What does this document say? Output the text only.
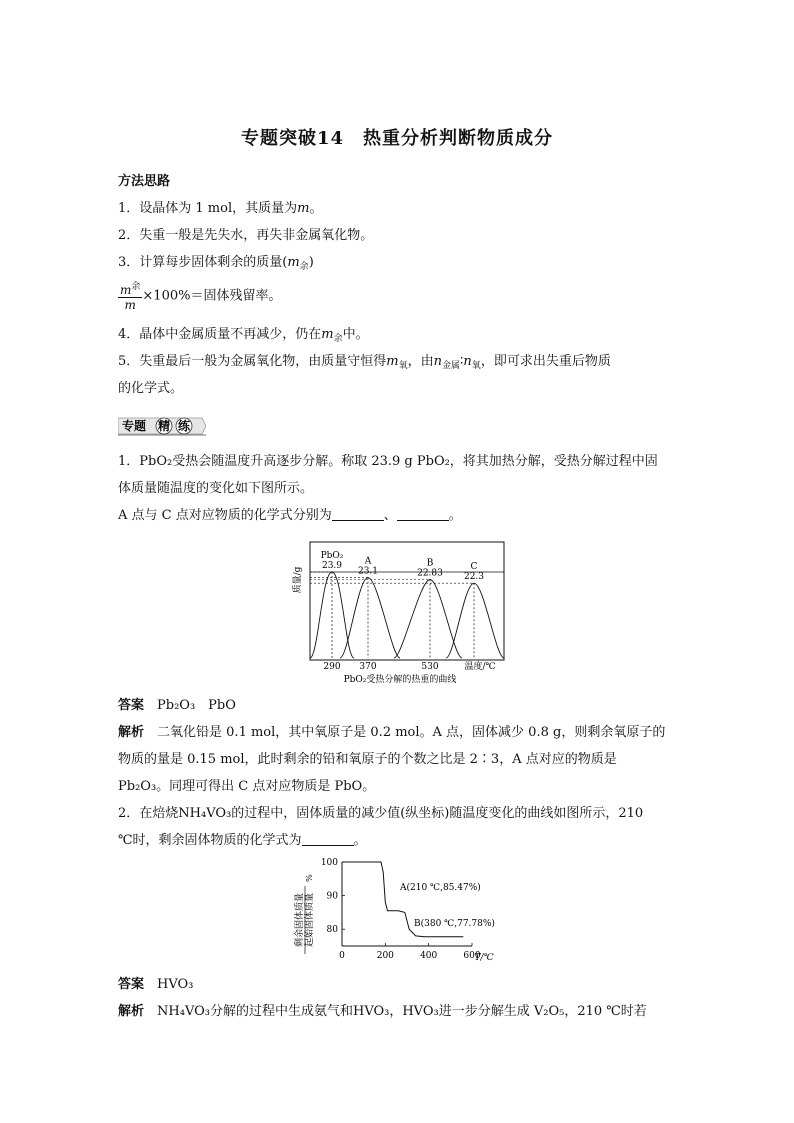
专题突破14　热重分析判断物质成分
方法思路
1．设晶体为 1 mol，其质量为m。
2．失重一般是先失水，再失非金属氧化物。
3．计算每步固体剩余的质量$(m_余)$
$\frac{m^余}{m} \times 100\%=$固体残留率。
4．晶体中金属质量不再减少，仍在$m_余$中。
5．失重最后一般为金属氧化物，由质量守恒得$m_氧$，由$n_{金属}∶n_氧$，即可求出失重后物质
的化学式。
专题 精 练
1．PbO₂受热会随温度升高逐步分解。称取 23.9 g PbO₂，将其加热分解，受热分解过程中固
体质量随温度的变化如下图所示。
A 点与 C 点对应物质的化学式分别为	、	。
质量/g
PbO₂
23.9	A
23.1
B
22.83
C
22.3
290 370	530	温度/℃
PbO₂受热分解的热重的曲线
答案　 Pb₂O₃　PbO
解析　 二氧化铅是 0.1 mol，其中氧原子是 0.2 mol。A 点，固体减少 0.8 g，则剩余氧原子的
物质的量是 0.15 mol，此时剩余的铅和氧原子的个数之比是 2∶3，A 点对应的物质是
Pb₂O₃。同理可得出 C 点对应物质是 PbO。
2．在焙烧NH₄VO₃的过程中，固体质量的减少值(纵坐标)随温度变化的曲线如图所示，210
℃时，剩余固体物质的化学式为	。
剩余固体质量 起始固体质量
%
0	200	400	600
80
90
100
A(210 ℃,85.47%)
B(380 ℃,77.78%)
T/℃
答案　 HVO₃
解析　 NH₄VO₃分解的过程中生成氨气和HVO₃，HVO₃进一步分解生成 V₂O₅，210 ℃时若
